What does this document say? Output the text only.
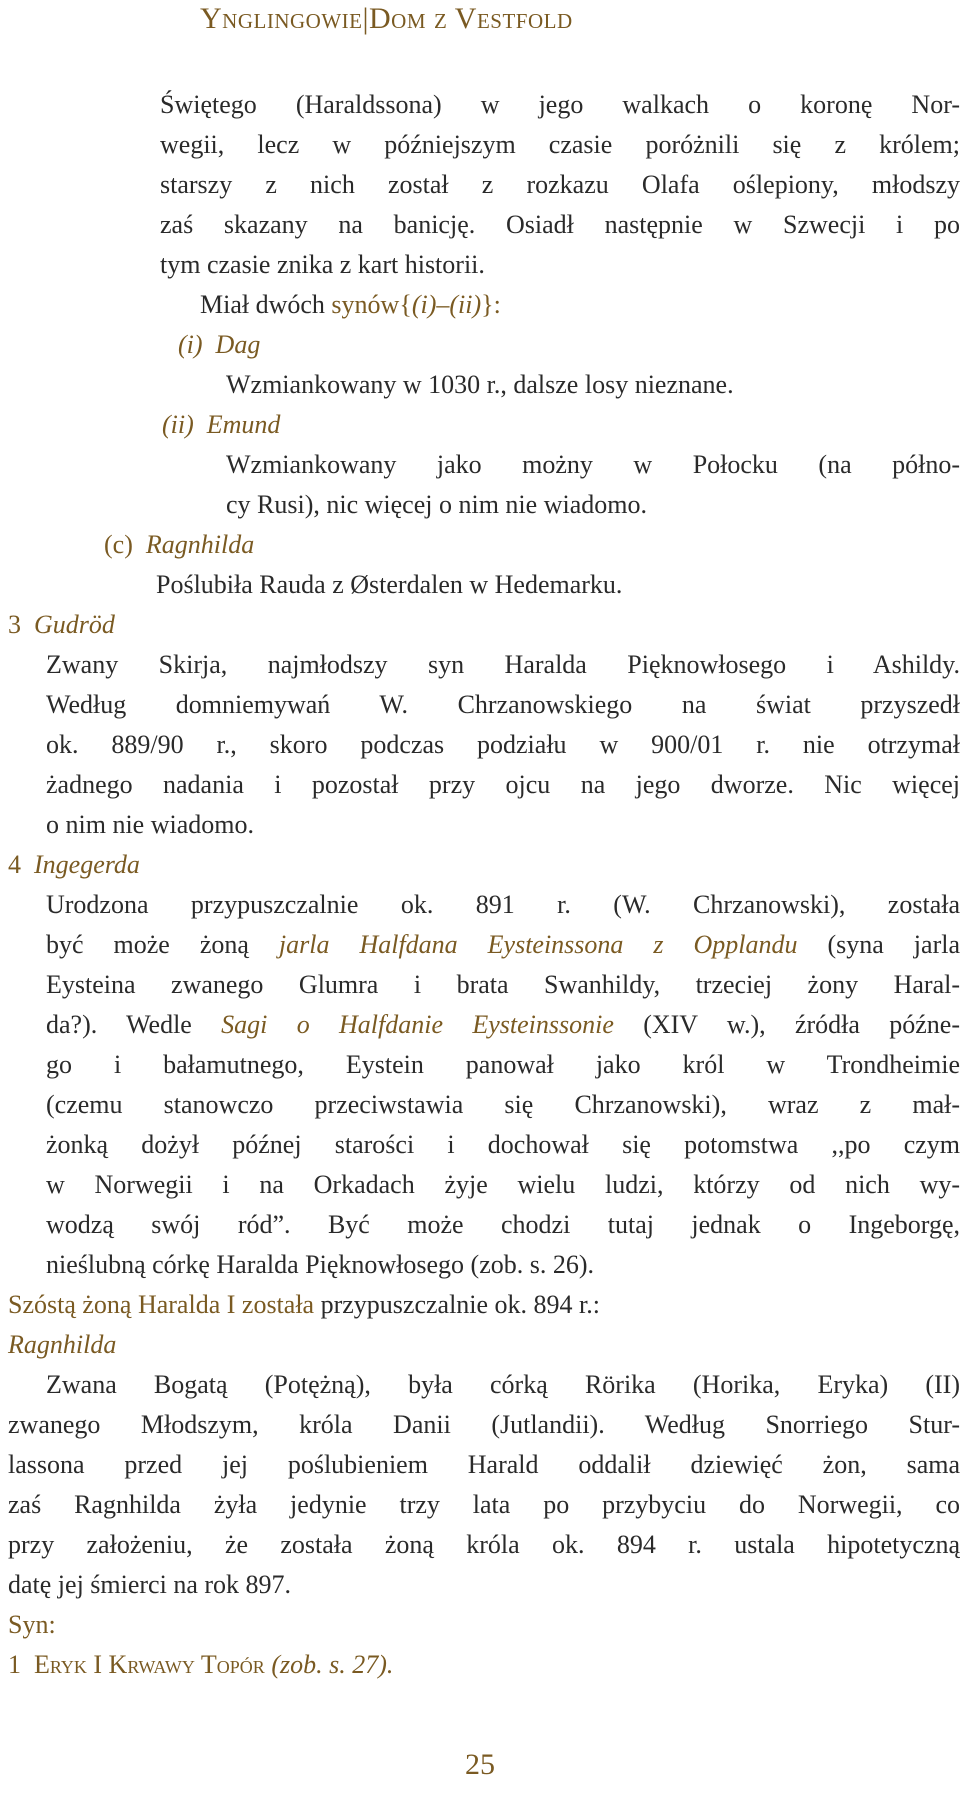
Ynglingowie|Dom z Vestfold
Świętego (Haraldssona) w jego walkach o koronę Nor-
wegii, lecz w późniejszym czasie poróżnili się z królem;
starszy z nich został z rozkazu Olafa oślepiony, młodszy
zaś skazany na banicję. Osiadł następnie w Szwecji i po
tym czasie znika z kart historii.
Miał dwóch synów{(i)–(ii)}:
(i) Dag
Wzmiankowany w 1030 r., dalsze losy nieznane.
(ii) Emund
Wzmiankowany jako możny w Połocku (na półno-
cy Rusi), nic więcej o nim nie wiadomo.
(c) Ragnhilda
Poślubiła Rauda z Østerdalen w Hedemarku.
3 Gudröd
Zwany Skirja, najmłodszy syn Haralda Pięknowłosego i Ashildy.
Według domniemywań W. Chrzanowskiego na świat przyszedł
ok. 889/90 r., skoro podczas podziału w 900/01 r. nie otrzymał
żadnego nadania i pozostał przy ojcu na jego dworze. Nic więcej
o nim nie wiadomo.
4 Ingegerda
Urodzona przypuszczalnie ok. 891 r. (W. Chrzanowski), została
być może żoną jarla Halfdana Eysteinssona z Opplandu (syna jarla
Eysteina zwanego Glumra i brata Swanhildy, trzeciej żony Haral-
da?). Wedle Sagi o Halfdanie Eysteinssonie (XIV w.), źródła późne-
go i bałamutnego, Eystein panował jako król w Trondheimie
(czemu stanowczo przeciwstawia się Chrzanowski), wraz z mał-
żonką dożył późnej starości i dochował się potomstwa ,,po czym
w Norwegii i na Orkadach żyje wielu ludzi, którzy od nich wy-
wodzą swój ród”. Być może chodzi tutaj jednak o Ingeborgę,
nieślubną córkę Haralda Pięknowłosego (zob. s. 26).
Szóstą żoną Haralda I została przypuszczalnie ok. 894 r.:
Ragnhilda
Zwana Bogatą (Potężną), była córką Rörika (Horika, Eryka) (II)
zwanego Młodszym, króla Danii (Jutlandii). Według Snorriego Stur-
lassona przed jej poślubieniem Harald oddalił dziewięć żon, sama
zaś Ragnhilda żyła jedynie trzy lata po przybyciu do Norwegii, co
przy założeniu, że została żoną króla ok. 894 r. ustala hipotetyczną
datę jej śmierci na rok 897.
Syn:
1 Eryk I Krwawy Topór (zob. s. 27).
25
